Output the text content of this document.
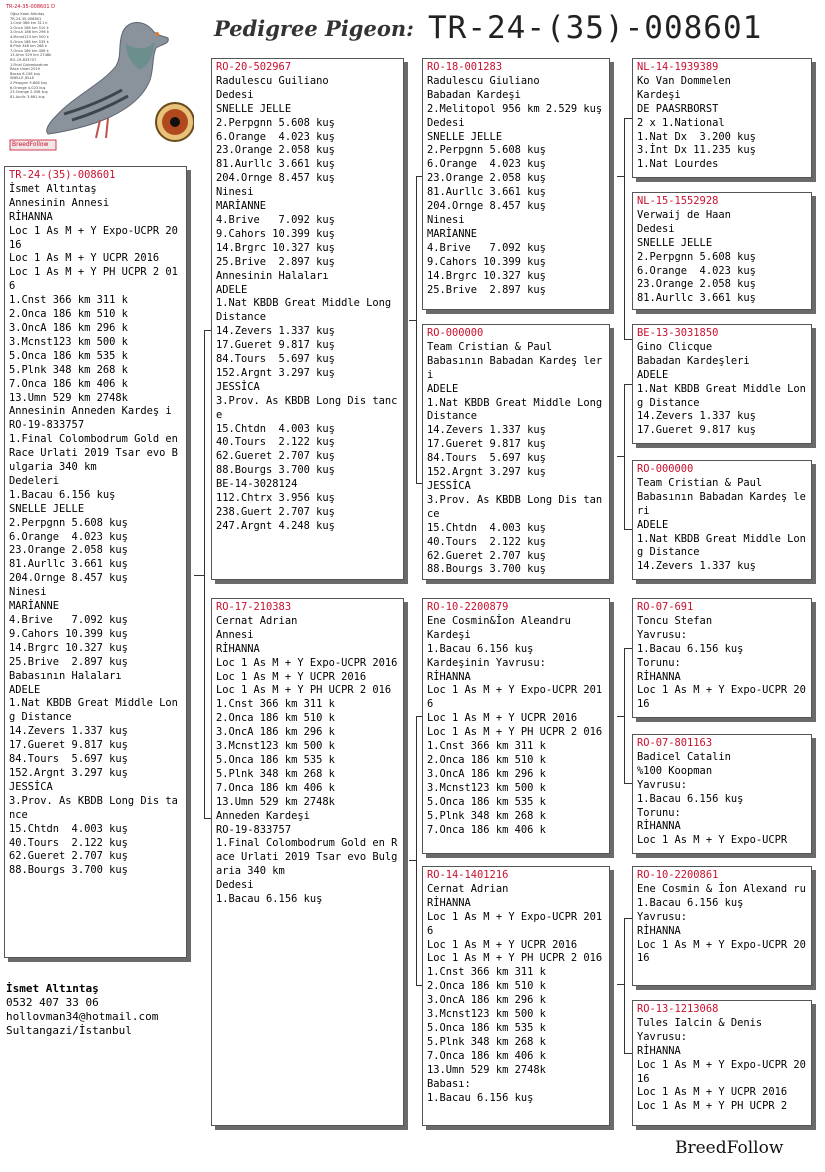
Pedigree Pigeon: TR-24-(35)-008601
TR-24-35-008601 D
Oğuz Kaan Altıntaş
TR-24-35-008601
1.Cnst 366 km 311 k
2.Onca 186 km 510 k
3.OncA 186 km 296 k
4.Mcnst123 km 500 k
5.Onca 186 km 535 k
6.Plnk 348 km 268 k
7.Onca 186 km 406 k
13.Umn 529 km 2748k
RO-19-833757
1.Final Colombodrum
Race Urlati 2019
Bacau 6.156 kuş
SNELLE JELLE
2.Perpgnn 5.608 kuş
6.Orange 4.023 kuş
23.Orange 2.058 kuş
81.Aurllc 3.661 kuş
BreedFollow
TR-24-(35)-008601
İsmet Altıntaş
Annesinin Annesi
RİHANNA
Loc 1 As M + Y Expo-UCPR 2016
Loc 1 As M + Y UCPR 2016
Loc 1 As M + Y PH UCPR 2 016
1.Cnst 366 km 311 k
2.Onca 186 km 510 k
3.OncA 186 km 296 k
3.Mcnst123 km 500 k
5.Onca 186 km 535 k
5.Plnk 348 km 268 k
7.Onca 186 km 406 k
13.Umn 529 km 2748k
Annesinin Anneden Kardeş i
RO-19-833757
1.Final Colombodrum Gold en Race Urlati 2019 Tsar evo Bulgaria 340 km
Dedeleri
1.Bacau 6.156 kuş
SNELLE JELLE
2.Perpgnn 5.608 kuş
6.Orange  4.023 kuş
23.Orange 2.058 kuş
81.Aurllc 3.661 kuş
204.Ornge 8.457 kuş
Ninesi
MARİANNE
4.Brive   7.092 kuş
9.Cahors 10.399 kuş
14.Brgrc 10.327 kuş
25.Brive  2.897 kuş
Babasının Halaları
ADELE
1.Nat KBDB Great Middle Long Distance
14.Zevers 1.337 kuş
17.Gueret 9.817 kuş
84.Tours  5.697 kuş
152.Argnt 3.297 kuş
JESSİCA
3.Prov. As KBDB Long Dis tance
15.Chtdn  4.003 kuş
40.Tours  2.122 kuş
62.Gueret 2.707 kuş
88.Bourgs 3.700 kuş
RO-20-502967
Radulescu Guiliano
Dedesi
SNELLE JELLE
2.Perpgnn 5.608 kuş
6.Orange  4.023 kuş
23.Orange 2.058 kuş
81.Aurllc 3.661 kuş
204.Ornge 8.457 kuş
Ninesi
MARİANNE
4.Brive   7.092 kuş
9.Cahors 10.399 kuş
14.Brgrc 10.327 kuş
25.Brive  2.897 kuş
Annesinin Halaları
ADELE
1.Nat KBDB Great Middle Long Distance
14.Zevers 1.337 kuş
17.Gueret 9.817 kuş
84.Tours  5.697 kuş
152.Argnt 3.297 kuş
JESSİCA
3.Prov. As KBDB Long Dis tance
15.Chtdn  4.003 kuş
40.Tours  2.122 kuş
62.Gueret 2.707 kuş
88.Bourgs 3.700 kuş
BE-14-3028124
112.Chtrx 3.956 kuş
238.Guert 2.707 kuş
247.Argnt 4.248 kuş
RO-17-210383
Cernat Adrian
Annesi
RİHANNA
Loc 1 As M + Y Expo-UCPR 2016
Loc 1 As M + Y UCPR 2016
Loc 1 As M + Y PH UCPR 2 016
1.Cnst 366 km 311 k
2.Onca 186 km 510 k
3.OncA 186 km 296 k
3.Mcnst123 km 500 k
5.Onca 186 km 535 k
5.Plnk 348 km 268 k
7.Onca 186 km 406 k
13.Umn 529 km 2748k
Anneden Kardeşi
RO-19-833757
1.Final Colombodrum Gold en Race Urlati 2019 Tsar evo Bulgaria 340 km
Dedesi
1.Bacau 6.156 kuş
RO-18-001283
Radulescu Giuliano
Babadan Kardeşi
2.Melitopol 956 km 2.529 kuş
Dedesi
SNELLE JELLE
2.Perpgnn 5.608 kuş
6.Orange  4.023 kuş
23.Orange 2.058 kuş
81.Aurllc 3.661 kuş
204.Ornge 8.457 kuş
Ninesi
MARİANNE
4.Brive   7.092 kuş
9.Cahors 10.399 kuş
14.Brgrc 10.327 kuş
25.Brive  2.897 kuş
RO-000000
Team Cristian & Paul
Babasının Babadan Kardeş leri
ADELE
1.Nat KBDB Great Middle Long Distance
14.Zevers 1.337 kuş
17.Gueret 9.817 kuş
84.Tours  5.697 kuş
152.Argnt 3.297 kuş
JESSİCA
3.Prov. As KBDB Long Dis tance
15.Chtdn  4.003 kuş
40.Tours  2.122 kuş
62.Gueret 2.707 kuş
88.Bourgs 3.700 kuş
RO-10-2200879
Ene Cosmin&İon Aleandru
Kardeşi
1.Bacau 6.156 kuş
Kardeşinin Yavrusu:
RİHANNA
Loc 1 As M + Y Expo-UCPR 2016
Loc 1 As M + Y UCPR 2016
Loc 1 As M + Y PH UCPR 2 016
1.Cnst 366 km 311 k
2.Onca 186 km 510 k
3.OncA 186 km 296 k
3.Mcnst123 km 500 k
5.Onca 186 km 535 k
5.Plnk 348 km 268 k
7.Onca 186 km 406 k
RO-14-1401216
Cernat Adrian
RİHANNA
Loc 1 As M + Y Expo-UCPR 2016
Loc 1 As M + Y UCPR 2016
Loc 1 As M + Y PH UCPR 2 016
1.Cnst 366 km 311 k
2.Onca 186 km 510 k
3.OncA 186 km 296 k
3.Mcnst123 km 500 k
5.Onca 186 km 535 k
5.Plnk 348 km 268 k
7.Onca 186 km 406 k
13.Umn 529 km 2748k
Babası:
1.Bacau 6.156 kuş
NL-14-1939389
Ko Van Dommelen
Kardeşi
DE PAASRBORST
2 x 1.National
1.Nat Dx  3.200 kuş
3.İnt Dx 11.235 kuş
1.Nat Lourdes
NL-15-1552928
Verwaij de Haan
Dedesi
SNELLE JELLE
2.Perpgnn 5.608 kuş
6.Orange  4.023 kuş
23.Orange 2.058 kuş
81.Aurllc 3.661 kuş
BE-13-3031850
Gino Clicque
Babadan Kardeşleri
ADELE
1.Nat KBDB Great Middle Long Distance
14.Zevers 1.337 kuş
17.Gueret 9.817 kuş
RO-000000
Team Cristian & Paul
Babasının Babadan Kardeş leri
ADELE
1.Nat KBDB Great Middle Long Distance
14.Zevers 1.337 kuş
RO-07-691
Toncu Stefan
Yavrusu:
1.Bacau 6.156 kuş
Torunu:
RİHANNA
Loc 1 As M + Y Expo-UCPR 2016
RO-07-801163
Badicel Catalin
%100 Koopman
Yavrusu:
1.Bacau 6.156 kuş
Torunu:
RİHANNA
Loc 1 As M + Y Expo-UCPR
RO-10-2200861
Ene Cosmin & İon Alexand ru
1.Bacau 6.156 kuş
Yavrusu:
RİHANNA
Loc 1 As M + Y Expo-UCPR 2016
RO-13-1213068
Tules Ialcin & Denis
Yavrusu:
RİHANNA
Loc 1 As M + Y Expo-UCPR 2016
Loc 1 As M + Y UCPR 2016
Loc 1 As M + Y PH UCPR 2
İsmet Altıntaş
0532 407 33 06
hollovman34@hotmail.com
Sultangazi/İstanbul
BreedFollow
